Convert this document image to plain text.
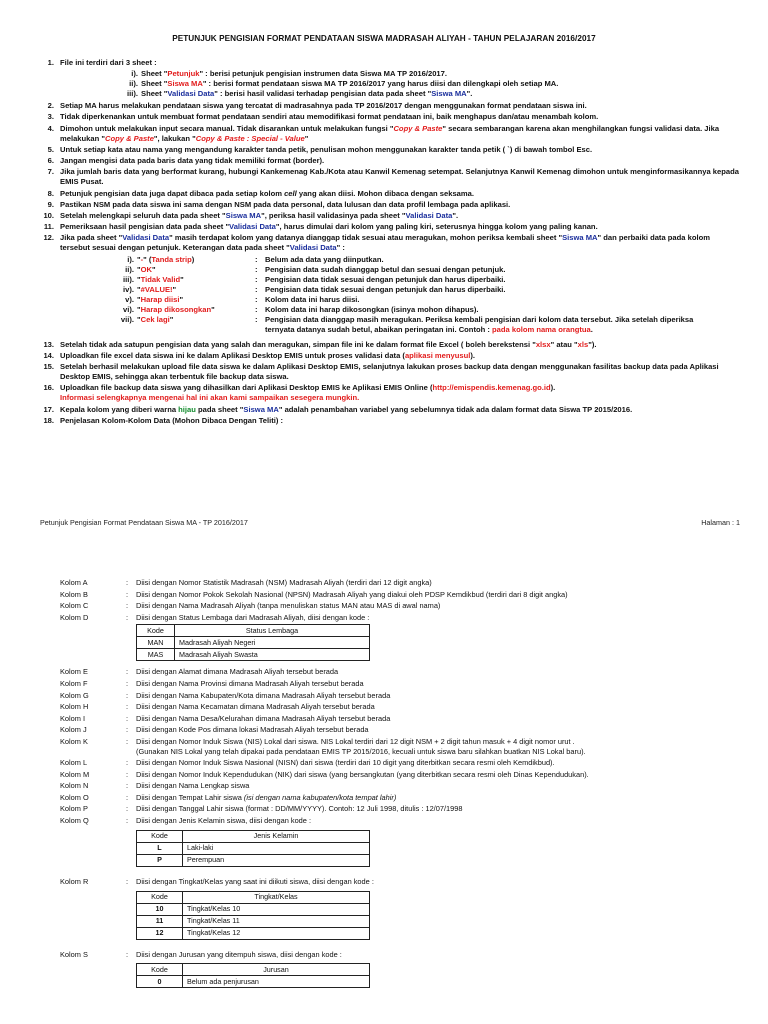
PETUNJUK PENGISIAN FORMAT PENDATAAN SISWA MADRASAH ALIYAH - TAHUN PELAJARAN 2016/2017
1. File ini terdiri dari 3 sheet :
i). Sheet "Petunjuk" : berisi petunjuk pengisian instrumen data Siswa MA TP 2016/2017.
ii). Sheet "Siswa MA" : berisi format pendataan siswa MA TP 2016/2017 yang harus diisi dan dilengkapi oleh setiap MA.
iii). Sheet "Validasi Data" : berisi hasil validasi terhadap pengisian data pada sheet "Siswa MA".
2. Setiap MA harus melakukan pendataan siswa yang tercatat di madrasahnya pada TP 2016/2017 dengan menggunakan format pendataan siswa ini.
3. Tidak diperkenankan untuk membuat format pendataan sendiri atau memodifikasi format pendataan ini, baik menghapus dan/atau menambah kolom.
4. Dimohon untuk melakukan input secara manual. Tidak disarankan untuk melakukan fungsi "Copy & Paste" secara sembarangan karena akan menghilangkan fungsi validasi data. Jika melakukan "Copy & Paste", lakukan "Copy & Paste : Special - Value"
5. Untuk setiap kata atau nama yang mengandung karakter tanda petik, penulisan mohon menggunakan karakter tanda petik ( `) di bawah tombol Esc.
6. Jangan mengisi data pada baris data yang tidak memiliki format (border).
7. Jika jumlah baris data yang berformat kurang, hubungi Kankemenag Kab./Kota atau Kanwil Kemenag setempat. Selanjutnya Kanwil Kemenag dimohon untuk menginformasikannya kepada EMIS Pusat.
8. Petunjuk pengisian data juga dapat dibaca pada setiap kolom cell yang akan diisi. Mohon dibaca dengan seksama.
9. Pastikan NSM pada data siswa ini sama dengan NSM pada data personal, data lulusan dan data profil lembaga pada aplikasi.
10. Setelah melengkapi seluruh data pada sheet "Siswa MA", periksa hasil validasinya pada sheet "Validasi Data".
11. Pemeriksaan hasil pengisian data pada sheet "Validasi Data", harus dimulai dari kolom yang paling kiri, seterusnya hingga kolom yang paling kanan.
12. Jika pada sheet "Validasi Data" masih terdapat kolom yang datanya dianggap tidak sesuai atau meragukan, mohon periksa kembali sheet "Siswa MA" dan perbaiki data pada kolom tersebut sesuai dengan petunjuk. Keterangan data pada sheet "Validasi Data" :
i). "-" (Tanda strip)	: Belum ada data yang diinputkan.
ii). "OK"	: Pengisian data sudah dianggap betul dan sesuai dengan petunjuk.
iii). "Tidak Valid"	: Pengisian data tidak sesuai dengan petunjuk dan harus diperbaiki.
iv). "#VALUE!"	: Pengisian data tidak sesuai dengan petunjuk dan harus diperbaiki.
v). "Harap diisi"	: Kolom data ini harus diisi.
vi). "Harap dikosongkan"	: Kolom data ini harap dikosongkan (isinya mohon dihapus).
vii). "Cek lagi"	: Pengisian data dianggap masih meragukan. Periksa kembali pengisian dari kolom data tersebut. Jika setelah diperiksa ternyata datanya sudah betul, abaikan peringatan ini. Contoh : pada kolom nama orangtua.
13. Setelah tidak ada satupun pengisian data yang salah dan meragukan, simpan file ini ke dalam format file Excel ( boleh berekstensi "xlsx" atau "xls").
14. Uploadkan file excel data siswa ini ke dalam Aplikasi Desktop EMIS untuk proses validasi data (aplikasi menyusul).
15. Setelah berhasil melakukan upload file data siswa ke dalam Aplikasi Desktop EMIS, selanjutnya lakukan proses backup data dengan menggunakan fasilitas backup data pada Aplikasi Desktop EMIS, sehingga akan terbentuk file backup data siswa.
16. Uploadkan file backup data siswa yang dihasilkan dari Aplikasi Desktop EMIS ke Aplikasi EMIS Online (http://emispendis.kemenag.go.id).
Informasi selengkapnya mengenai hal ini akan kami sampaikan sesegera mungkin.
17. Kepala kolom yang diberi warna hijau pada sheet "Siswa MA" adalah penambahan variabel yang sebelumnya tidak ada dalam format data Siswa TP 2015/2016.
18. Penjelasan Kolom-Kolom Data (Mohon Dibaca Dengan Teliti) :
Petunjuk Pengisian Format Pendataan Siswa MA - TP 2016/2017	Halaman : 1
Kolom A	:	Diisi dengan Nomor Statistik Madrasah (NSM) Madrasah Aliyah (terdiri dari 12 digit angka)
Kolom B	:	Diisi dengan Nomor Pokok Sekolah Nasional (NPSN) Madrasah Aliyah yang diakui oleh PDSP Kemdikbud (terdiri dari 8 digit angka)
Kolom C	:	Diisi dengan Nama Madrasah Aliyah (tanpa menuliskan status MAN atau MAS di awal nama)
Kolom D	:	Diisi dengan Status Lembaga dari Madrasah Aliyah, diisi dengan kode :
Kode	Status Lembaga
MAN	Madrasah Aliyah Negeri
MAS	Madrasah Aliyah Swasta
Kolom E	:	Diisi dengan Alamat dimana Madrasah Aliyah tersebut berada
Kolom F	:	Diisi dengan Nama Provinsi dimana Madrasah Aliyah tersebut berada
Kolom G	:	Diisi dengan Nama Kabupaten/Kota dimana Madrasah Aliyah tersebut berada
Kolom H	:	Diisi dengan Nama Kecamatan dimana Madrasah Aliyah tersebut berada
Kolom I	:	Diisi dengan Nama Desa/Kelurahan dimana Madrasah Aliyah tersebut berada
Kolom J	:	Diisi dengan Kode Pos dimana lokasi Madrasah Aliyah tersebut berada
Kolom K	:	Diisi dengan Nomor Induk Siswa (NIS) Lokal dari siswa. NIS Lokal terdiri dari 12 digit NSM + 2 digit tahun masuk + 4 digit nomor urut .
(Gunakan NIS Lokal yang telah dipakai pada pendataan EMIS TP 2015/2016, kecuali untuk siswa baru silahkan buatkan NIS Lokal baru).
Kolom L	:	Diisi dengan Nomor Induk Siswa Nasional (NISN) dari siswa (terdiri dari 10 digit yang diterbitkan secara resmi oleh Kemdikbud).
Kolom M	:	Diisi dengan Nomor Induk Kependudukan (NIK) dari siswa (yang bersangkutan (yang diterbitkan secara resmi oleh Dinas Kependudukan).
Kolom N	:	Diisi dengan Nama Lengkap siswa
Kolom O	:	Diisi dengan Tempat Lahir siswa (isi dengan nama kabupaten/kota tempat lahir)
Kolom P	:	Diisi dengan Tanggal Lahir siswa (format : DD/MM/YYYY). Contoh: 12 Juli 1998, ditulis : 12/07/1998
Kolom Q	:	Diisi dengan Jenis Kelamin siswa, diisi dengan kode :
Kode	Jenis Kelamin
L	Laki-laki
P	Perempuan
Kolom R	:	Diisi dengan Tingkat/Kelas yang saat ini diikuti siswa, diisi dengan kode :
Kode	Tingkat/Kelas
10	Tingkat/Kelas 10
11	Tingkat/Kelas 11
12	Tingkat/Kelas 12
Kolom S	:	Diisi dengan Jurusan yang ditempuh siswa, diisi dengan kode :
Kode	Jurusan
0	Belum ada penjurusan
